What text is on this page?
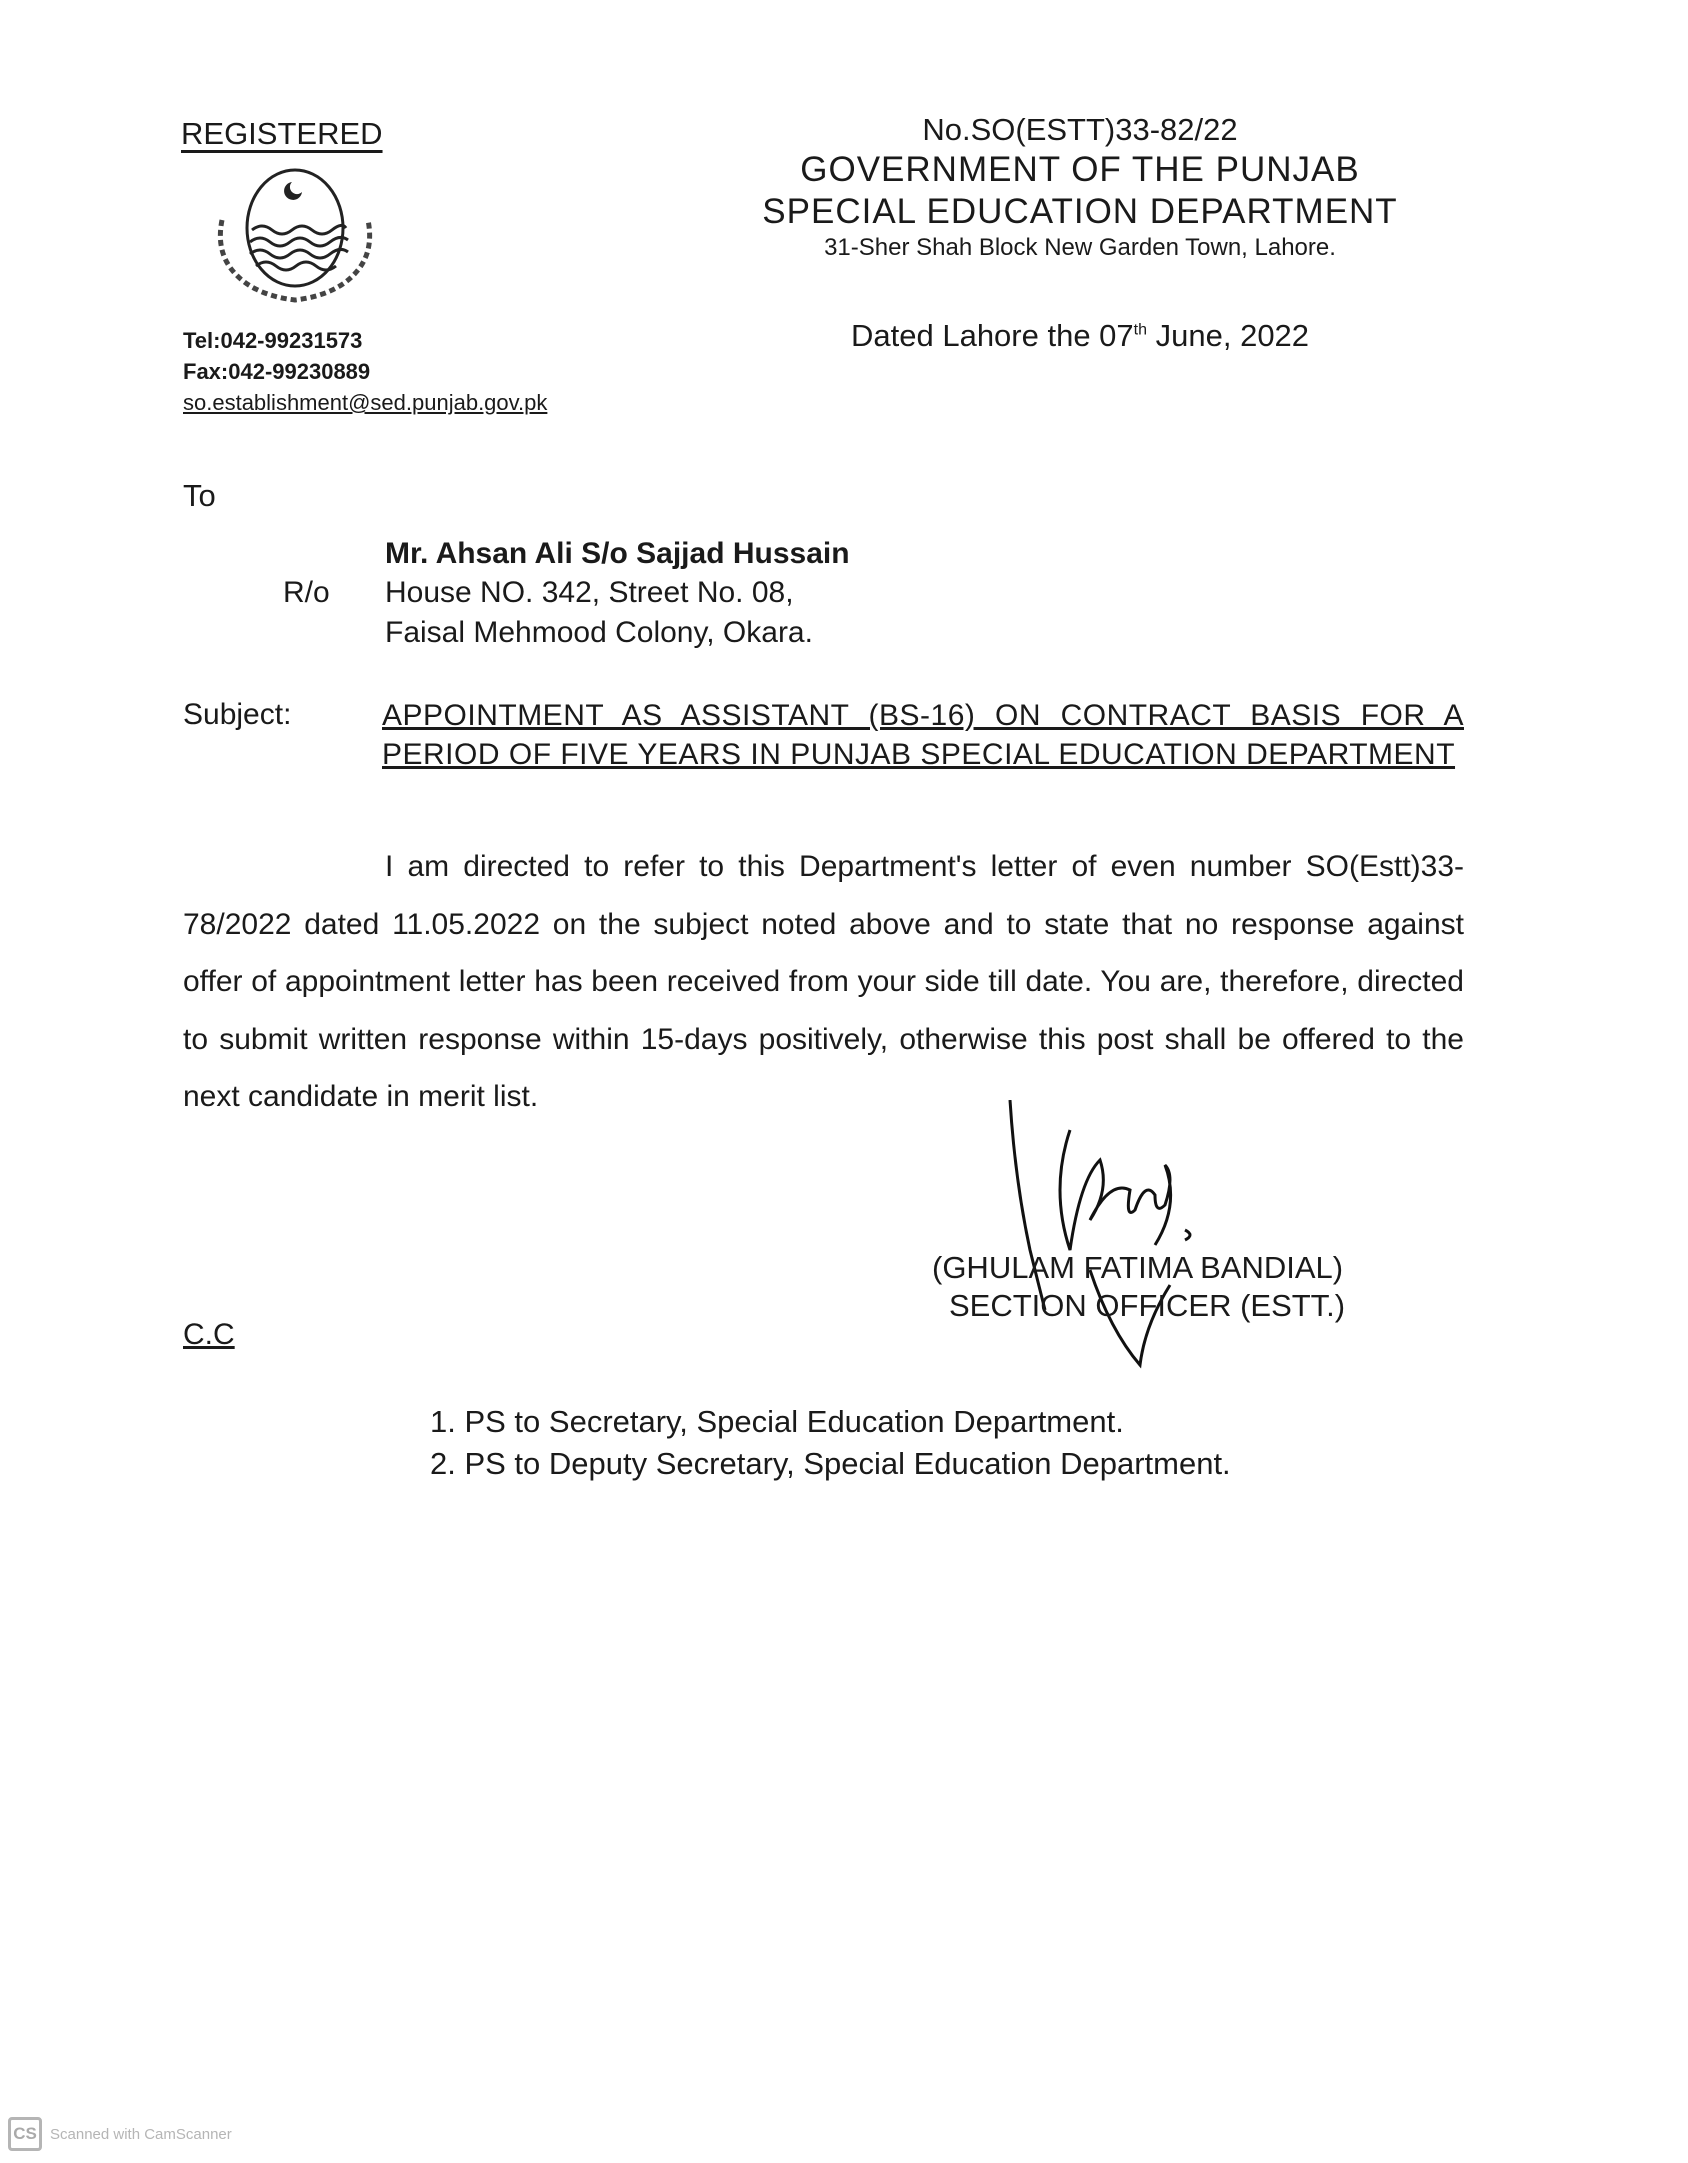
REGISTERED
Tel:042-99231573
Fax:042-99230889
so.establishment@sed.punjab.gov.pk
No.SO(ESTT)33-82/22
GOVERNMENT OF THE PUNJAB
SPECIAL EDUCATION DEPARTMENT
31-Sher Shah Block New Garden Town, Lahore.
Dated Lahore the 07th June, 2022
To
Mr. Ahsan Ali S/o Sajjad Hussain
R/o House NO. 342, Street No. 08,
Faisal Mehmood Colony, Okara.
Subject:	APPOINTMENT AS ASSISTANT (BS-16) ON CONTRACT BASIS FOR A PERIOD OF FIVE YEARS IN PUNJAB SPECIAL EDUCATION DEPARTMENT
I am directed to refer to this Department's letter of even number SO(Estt)33-78/2022 dated 11.05.2022 on the subject noted above and to state that no response against offer of appointment letter has been received from your side till date. You are, therefore, directed to submit written response within 15-days positively, otherwise this post shall be offered to the next candidate in merit list.
(GHULAM FATIMA BANDIAL)
SECTION OFFICER (ESTT.)
C.C
1. PS to Secretary, Special Education Department.
2. PS to Deputy Secretary, Special Education Department.
CS Scanned with CamScanner
